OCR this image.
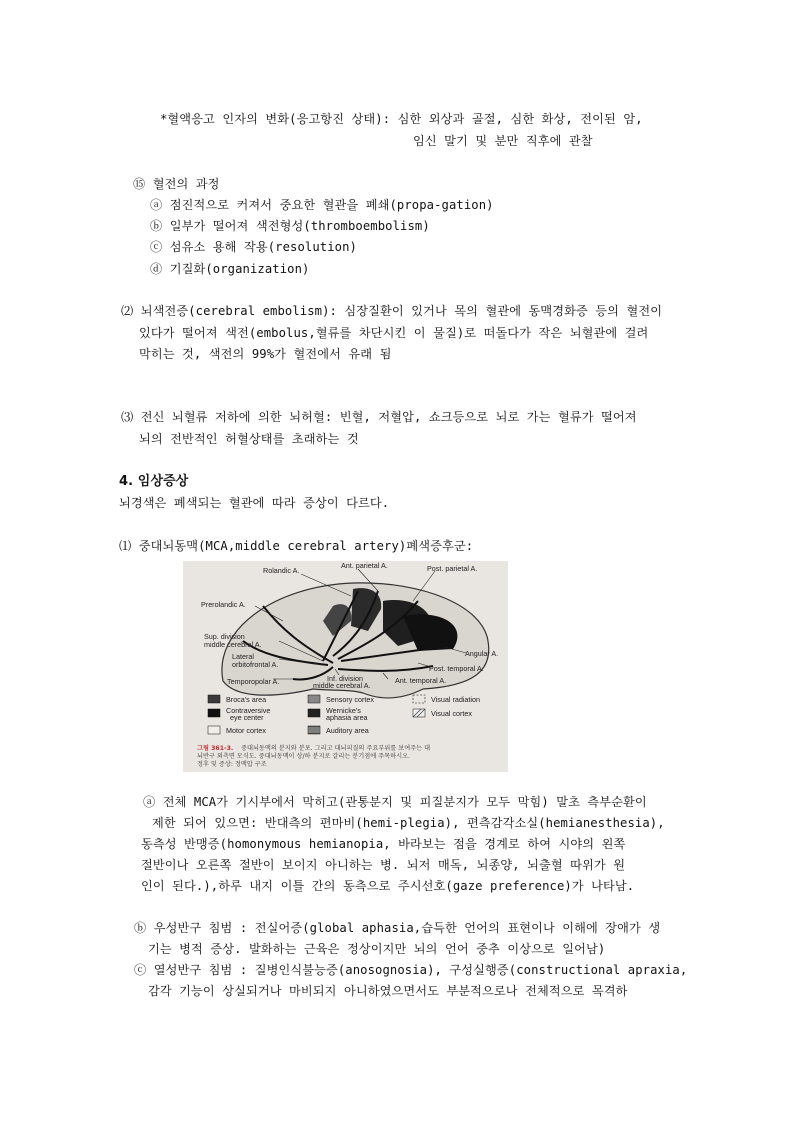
*혈액응고 인자의 변화(응고항진 상태): 심한 외상과 골절, 심한 화상, 전이된 암,
임신 말기 및 분만 직후에 관찰
⑮ 혈전의 과정
ⓐ 점진적으로 커져서 중요한 혈관을 폐쇄(propa-gation)
ⓑ 일부가 떨어져 색전형성(thromboembolism)
ⓒ 섬유소 용해 작용(resolution)
ⓓ 기질화(organization)
⑵ 뇌색전증(cerebral embolism): 심장질환이 있거나 목의 혈관에 동맥경화증 등의 혈전이
있다가 떨어져 색전(embolus,혈류를 차단시킨 이 물질)로 떠돌다가 작은 뇌혈관에 걸려
막히는 것, 색전의 99%가 혈전에서 유래 됨
⑶ 전신 뇌혈류 저하에 의한 뇌허혈: 빈혈, 저혈압, 쇼크등으로 뇌로 가는 혈류가 떨어져
뇌의 전반적인 허혈상태를 초래하는 것
4. 임상증상
뇌경색은 폐색되는 혈관에 따라 증상이 다르다.
⑴ 중대뇌동맥(MCA,middle cerebral artery)폐색증후군:
Rolandic A.
Ant. parietal A.	Post. parietal A.
Prerolandic A.
Sup. division
middle cerebral A.
Angular A.
Lateral
orbitofrontal A.	Post. temporal A.
Temporopolar A.	Inf. division
middle cerebral A.
Ant. temporal A.
Broca's area
Contraversive
eye center
Motor cortex
Sensory cortex
Wernicke's
aphasia area
Auditory area
Visual radiation
Visual cortex
그림 361-3. 중대뇌동맥의 분지와 분포. 그리고 대뇌피질의 주요부위를 보여주는 대
뇌반구 외측면 모식도. 중대뇌동맥이 상/하 분지로 갈리는 분기점에 주목하시오.
정후 및 증상: 정맥압 구조
ⓐ 전체 MCA가 기시부에서 막히고(관통분지 및 피질분지가 모두 막힘) 말초 측부순환이
제한 되어 있으면: 반대측의 편마비(hemi-plegia), 편측감각소실(hemianesthesia),
동측성 반맹증(homonymous hemianopia, 바라보는 점을 경계로 하여 시야의 왼쪽
절반이나 오른쪽 절반이 보이지 아니하는 병. 뇌저 매독, 뇌종양, 뇌출혈 따위가 원
인이 된다.),하루 내지 이틀 간의 동측으로 주시선호(gaze preference)가 나타남.
ⓑ 우성반구 침범 : 전실어증(global aphasia,습득한 언어의 표현이나 이해에 장애가 생
기는 병적 증상. 발화하는 근육은 정상이지만 뇌의 언어 중추 이상으로 일어남)
ⓒ 열성반구 침범 : 질병인식불능증(anosognosia), 구성실행증(constructional apraxia,
감각 기능이 상실되거나 마비되지 아니하였으면서도 부분적으로나 전체적으로 목격하
